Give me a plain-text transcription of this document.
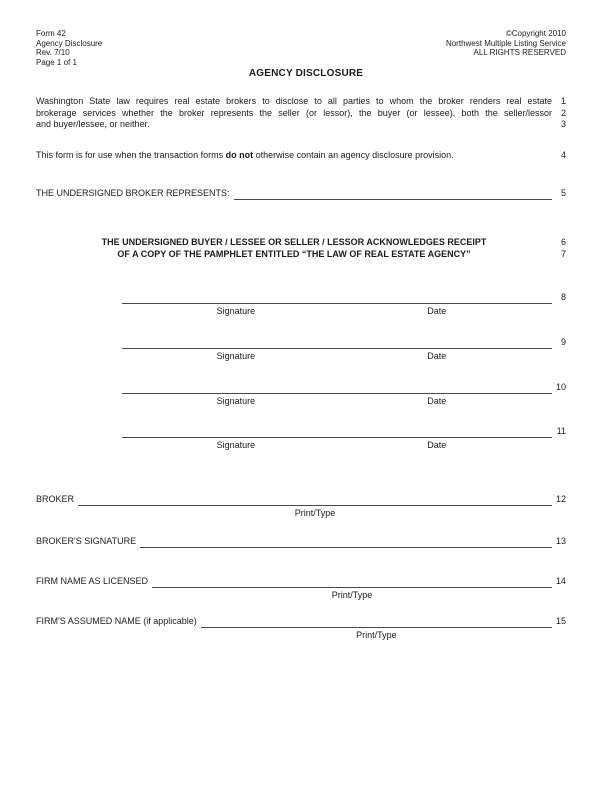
Form 42
Agency Disclosure
Rev. 7/10
Page 1 of 1
©Copyright 2010
Northwest Multiple Listing Service
ALL RIGHTS RESERVED
AGENCY DISCLOSURE
Washington State law requires real estate brokers to disclose to all parties to whom the broker renders real estate 1
brokerage services whether the broker represents the seller (or lessor), the buyer (or lessee), both the seller/lessor 2
and buyer/lessee, or neither.	3
This form is for use when the transaction forms do not otherwise contain an agency disclosure provision.	4
THE UNDERSIGNED BROKER REPRESENTS:	5
THE UNDERSIGNED BUYER / LESSEE OR SELLER / LESSOR ACKNOWLEDGES RECEIPT	6
OF A COPY OF THE PAMPHLET ENTITLED “THE LAW OF REAL ESTATE AGENCY”	7
Signature	Date
8
Signature	Date
9
Signature	Date
10
Signature	Date
11
BROKER
Print/Type
12
BROKER'S SIGNATURE	13
FIRM NAME AS LICENSED
Print/Type
14
FIRM'S ASSUMED NAME (if applicable)
Print/Type
15
